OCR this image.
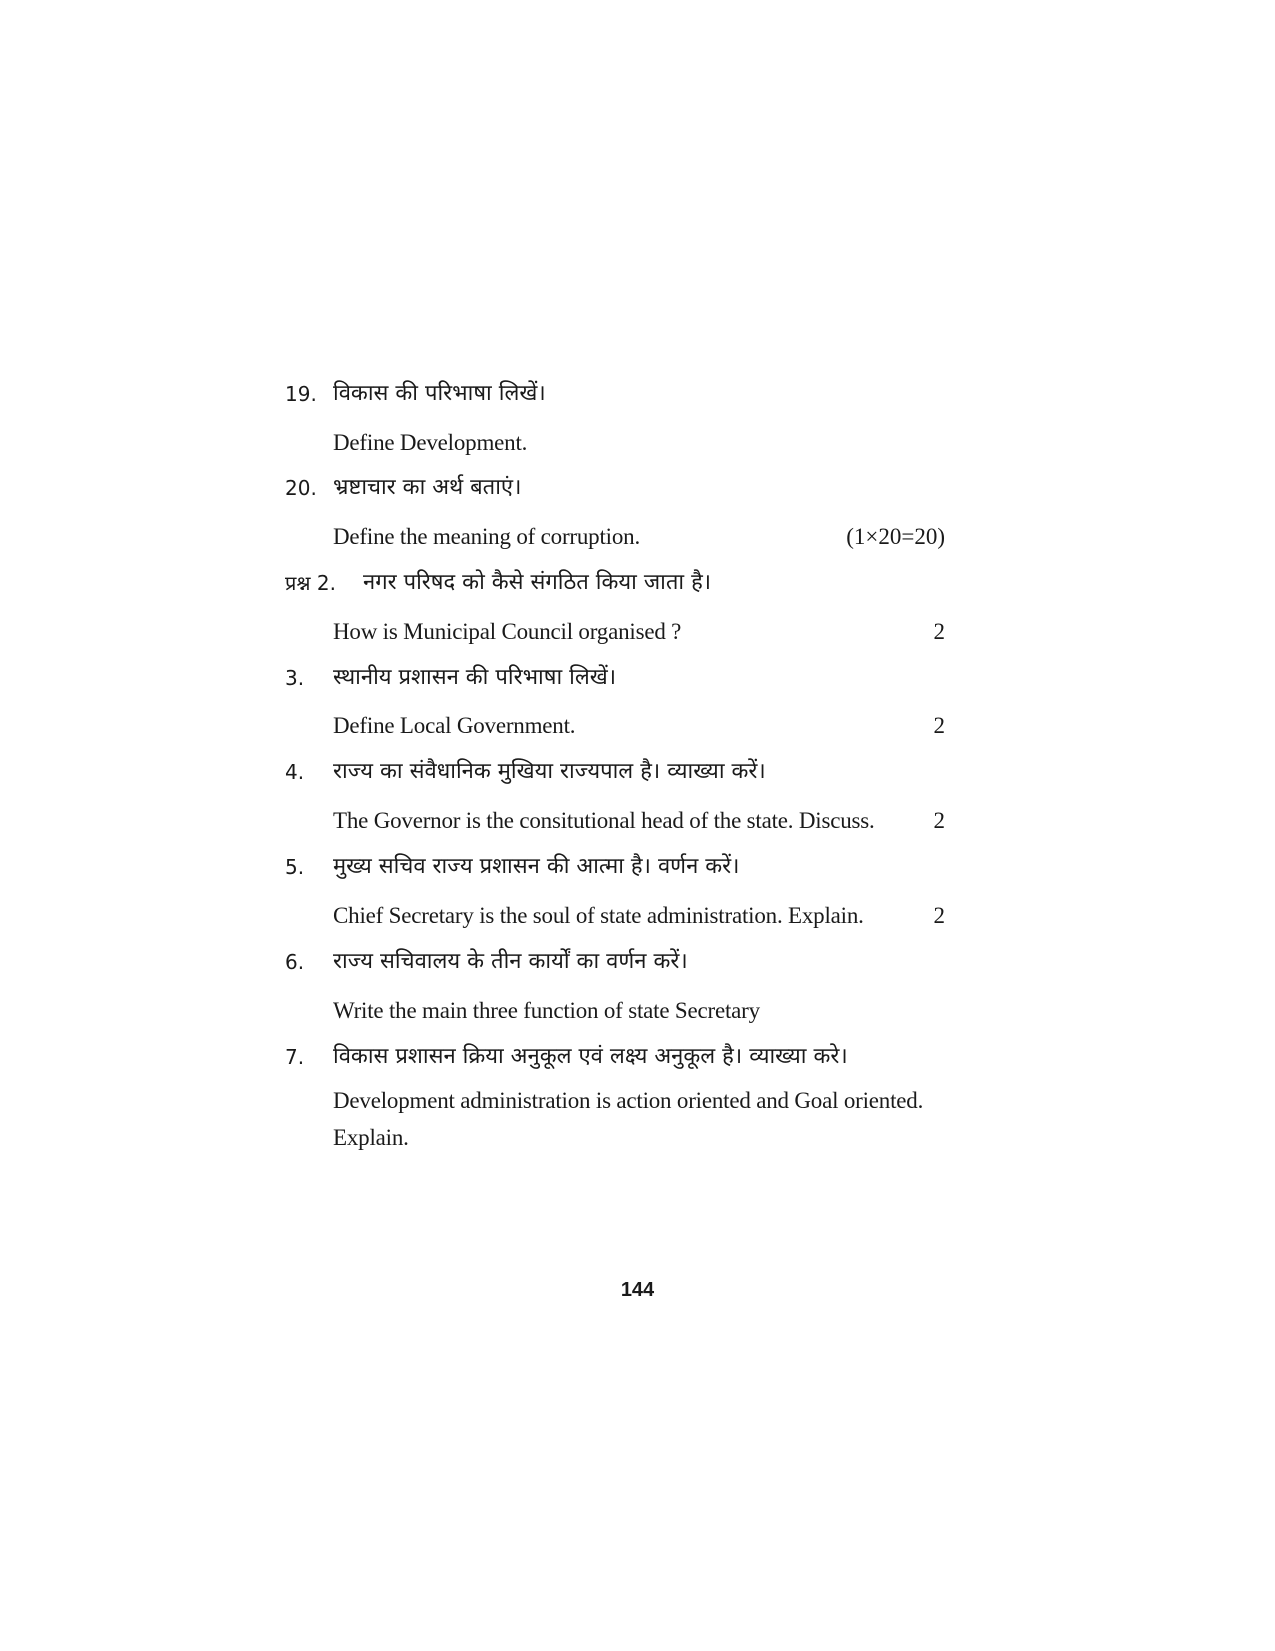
19. विकास की परिभाषा लिखें।
Define Development.
20. भ्रष्टाचार का अर्थ बताएं।
Define the meaning of corruption.	(1×20=20)
प्रश्न 2. नगर परिषद को कैसे संगठित किया जाता है।
How is Municipal Council organised ?	2
3. स्थानीय प्रशासन की परिभाषा लिखें।
Define Local Government.	2
4. राज्य का संवैधानिक मुखिया राज्यपाल है। व्याख्या करें।
The Governor is the consitutional head of the state. Discuss.	2
5. मुख्य सचिव राज्य प्रशासन की आत्मा है। वर्णन करें।
Chief Secretary is the soul of state administration. Explain.	2
6. राज्य सचिवालय के तीन कार्यों का वर्णन करें।
Write the main three function of state Secretary
7. विकास प्रशासन क्रिया अनुकूल एवं लक्ष्य अनुकूल है। व्याख्या करे।
Development administration is action oriented and Goal oriented. Explain.
144
